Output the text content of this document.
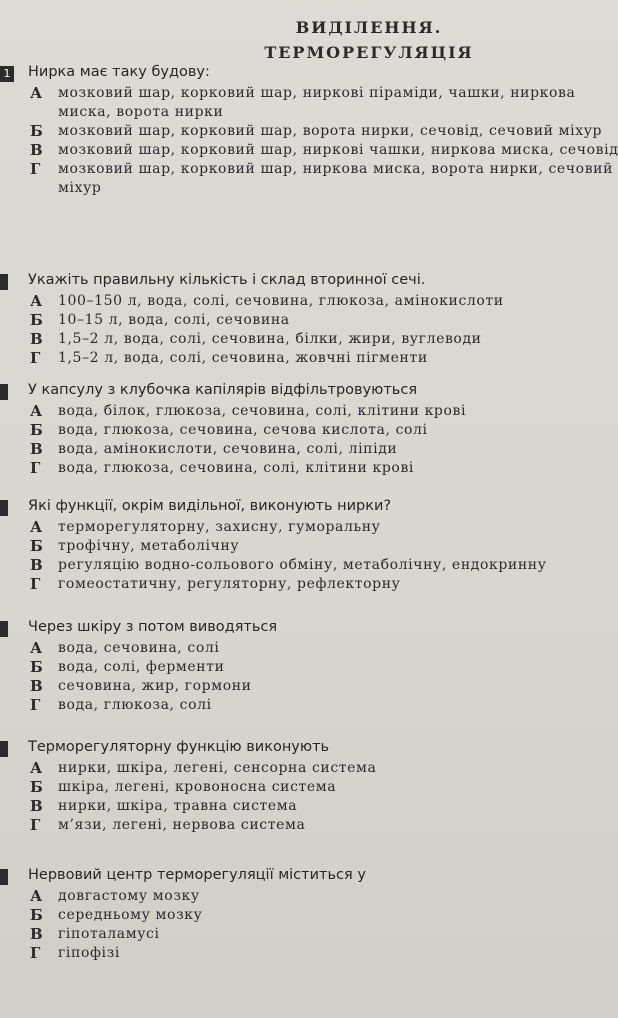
ВИДІЛЕННЯ.
ТЕРМОРЕГУЛЯЦІЯ
1 Нирка має таку будову:
А мозковий шар, корковий шар, ниркові піраміди, чашки, ниркова миска, ворота нирки
Б мозковий шар, корковий шар, ворота нирки, сечовід, сечовий міхур
В мозковий шар, корковий шар, ниркові чашки, ниркова миска, сечовід
Г мозковий шар, корковий шар, ниркова миска, ворота нирки, сечовий міхур
Укажіть правильну кількість і склад вторинної сечі.
А 100–150 л, вода, солі, сечовина, глюкоза, амінокислоти
Б 10–15 л, вода, солі, сечовина
В 1,5–2 л, вода, солі, сечовина, білки, жири, вуглеводи
Г 1,5–2 л, вода, солі, сечовина, жовчні пігменти
У капсулу з клубочка капілярів відфільтровуються
А вода, білок, глюкоза, сечовина, солі, клітини крові
Б вода, глюкоза, сечовина, сечова кислота, солі
В вода, амінокислоти, сечовина, солі, ліпіди
Г вода, глюкоза, сечовина, солі, клітини крові
Які функції, окрім видільної, виконують нирки?
А терморегуляторну, захисну, гуморальну
Б трофічну, метаболічну
В регуляцію водно-сольового обміну, метаболічну, ендокринну
Г гомеостатичну, регуляторну, рефлекторну
Через шкіру з потом виводяться
А вода, сечовина, солі
Б вода, солі, ферменти
В сечовина, жир, гормони
Г вода, глюкоза, солі
Терморегуляторну функцію виконують
А нирки, шкіра, легені, сенсорна система
Б шкіра, легені, кровоносна система
В нирки, шкіра, травна система
Г м’язи, легені, нервова система
Нервовий центр терморегуляції міститься у
А довгастому мозку
Б середньому мозку
В гіпоталамусі
Г гіпофізі
